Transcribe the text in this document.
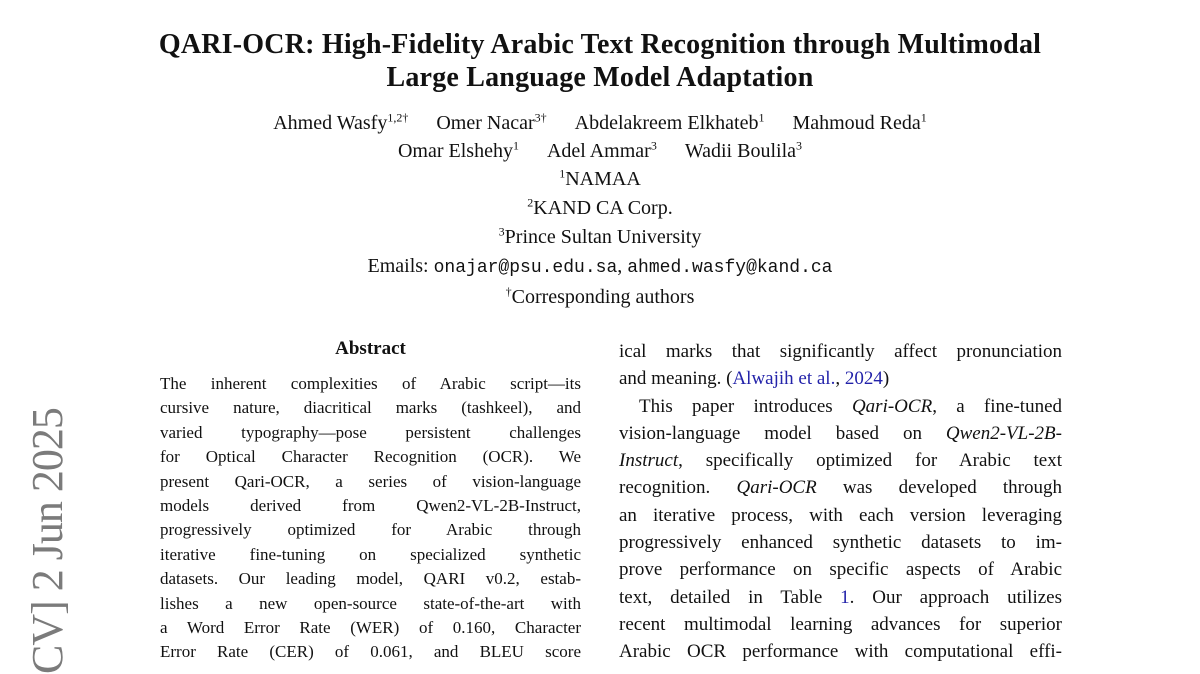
CV] 2 Jun 2025
QARI-OCR: High-Fidelity Arabic Text Recognition through Multimodal
Large Language Model Adaptation
Ahmed Wasfy$^{1,2\dagger}$ Omer Nacar$^{3\dagger}$ Abdelakreem Elkhateb$^1$ Mahmoud Reda$^1$
Omar Elshehy$^1$ Adel Ammar$^3$ Wadii Boulila$^3$
$^1$NAMAA
$^2$KAND CA Corp.
$^3$Prince Sultan University
Emails: onajar@psu.edu.sa, ahmed.wasfy@kand.ca
†Corresponding authors
Abstract
The inherent complexities of Arabic script—its
cursive nature, diacritical marks (tashkeel), and
varied typography—pose persistent challenges
for Optical Character Recognition (OCR). We
present Qari-OCR, a series of vision-language
models derived from Qwen2-VL-2B-Instruct,
progressively optimized for Arabic through
iterative fine-tuning on specialized synthetic
datasets. Our leading model, QARI v0.2, estab-
lishes a new open-source state-of-the-art with
a Word Error Rate (WER) of 0.160, Character
Error Rate (CER) of 0.061, and BLEU score
ical marks that significantly affect pronunciation
and meaning. (Alwajih et al., 2024)
This paper introduces Qari-OCR, a fine-tuned
vision-language model based on Qwen2-VL-2B-
Instruct, specifically optimized for Arabic text
recognition. Qari-OCR was developed through
an iterative process, with each version leveraging
progressively enhanced synthetic datasets to im-
prove performance on specific aspects of Arabic
text, detailed in Table 1. Our approach utilizes
recent multimodal learning advances for superior
Arabic OCR performance with computational effi-
